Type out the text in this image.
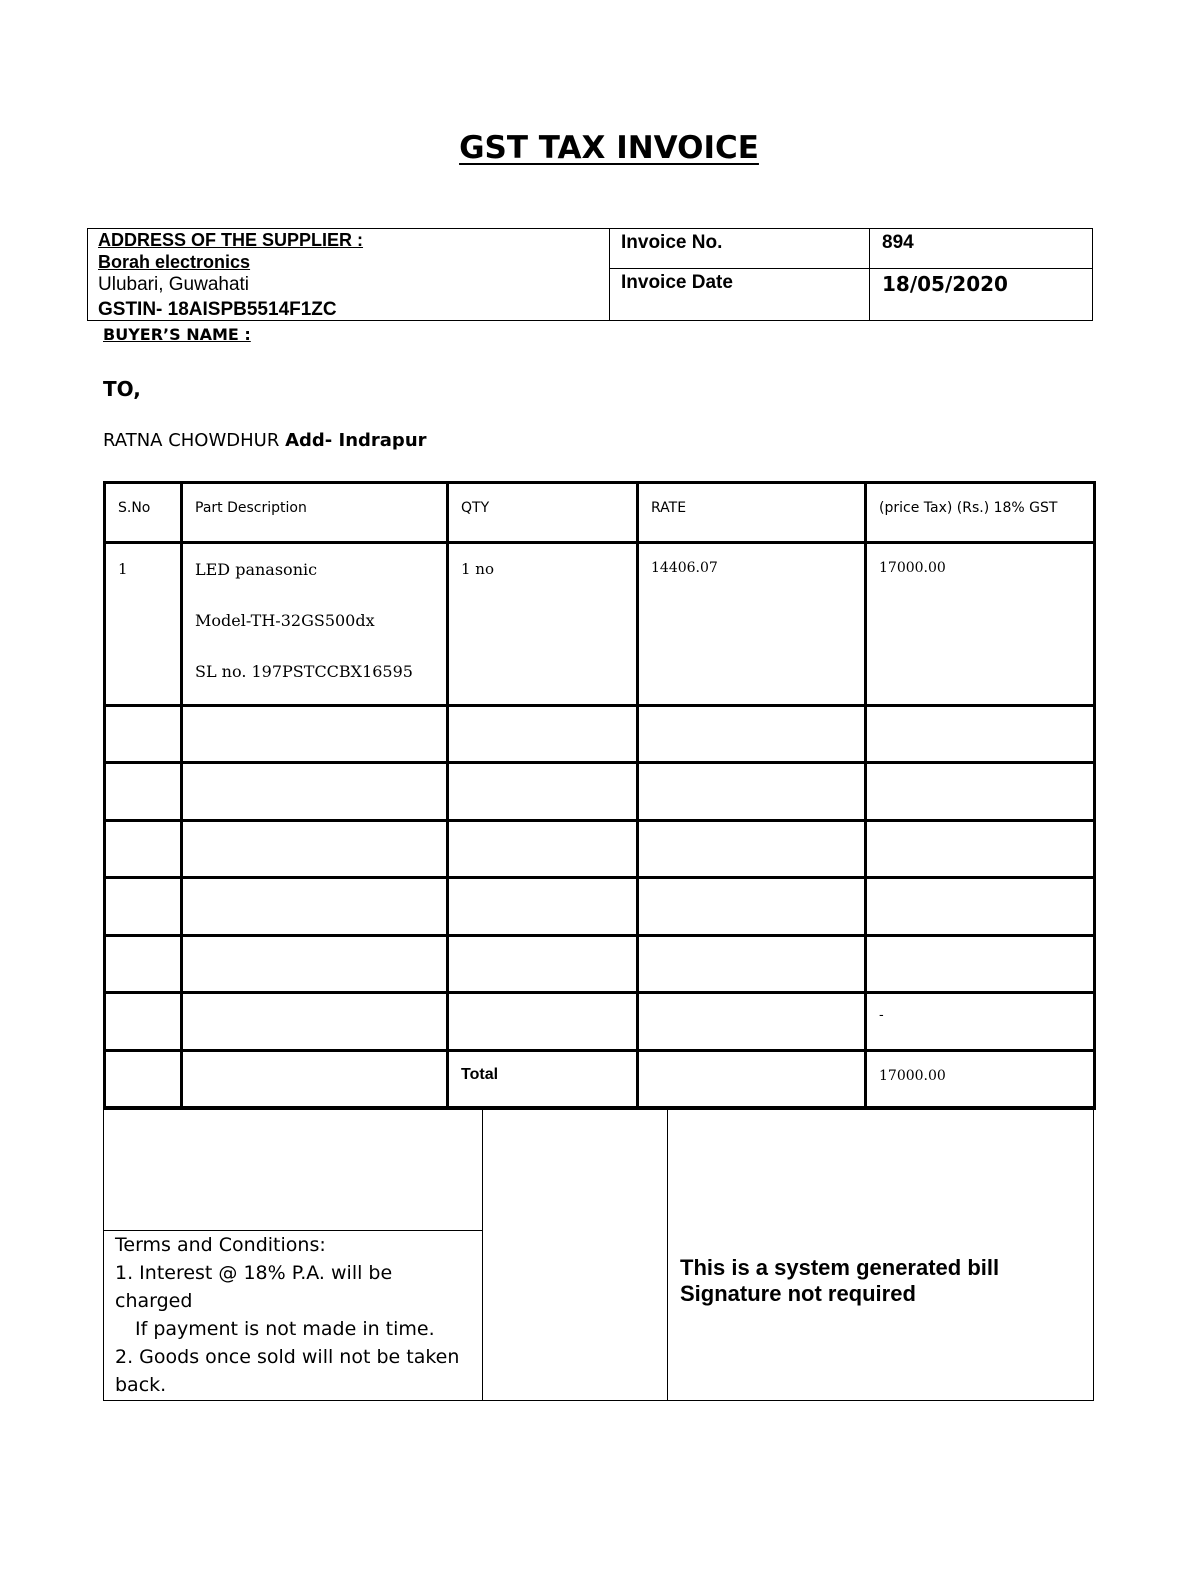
GST TAX INVOICE
ADDRESS OF THE SUPPLIER :
Borah electronics
Ulubari, Guwahati
GSTIN- 18AISPB5514F1ZC
Invoice No.	894
Invoice Date	18/05/2020
BUYER’S NAME :
TO,
RATNA CHOWDHUR Add- Indrapur
S.No	Part Description	QTY	RATE	(price Tax) (Rs.) 18% GST
1	LED panasonic
Model-TH-32GS500dx
SL no. 197PSTCCBX16595	1 no	14406.07	17000.00

				-
		Total		17000.00
Terms and Conditions:
1. Interest @ 18% P.A. will be charged
If payment is not made in time.
2. Goods once sold will not be taken back.
This is a system generated bill
Signature not required
